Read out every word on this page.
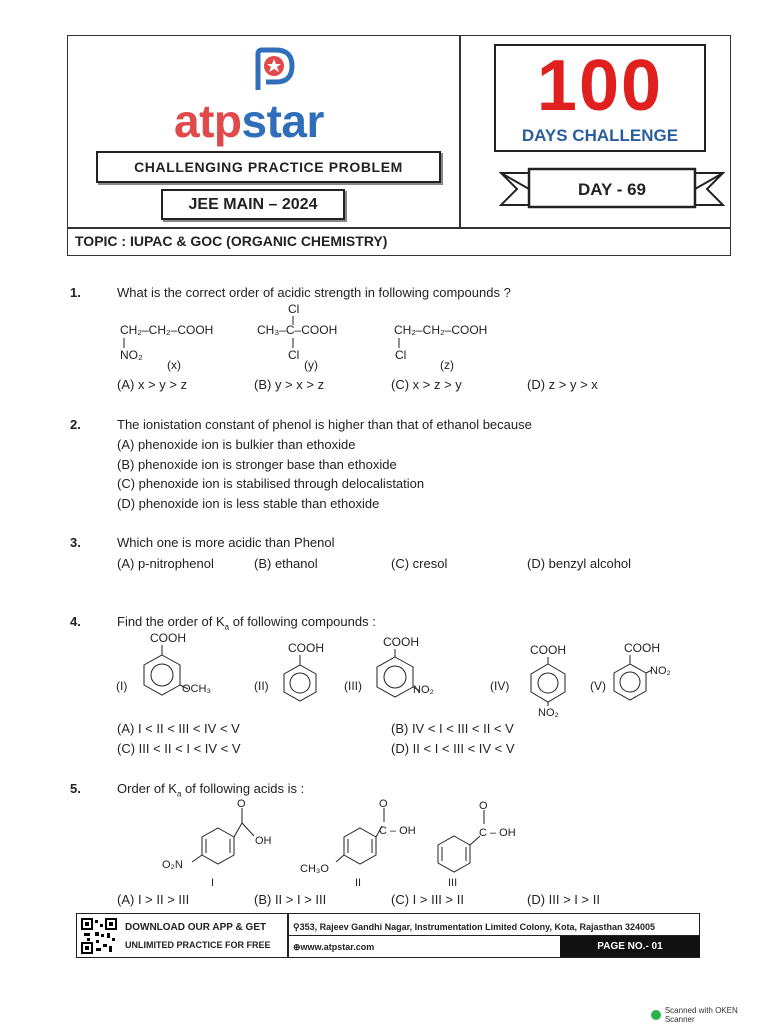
atpstar
CHALLENGING PRACTICE PROBLEM
JEE MAIN – 2024
100
DAYS CHALLENGE
TOPIC : IUPAC & GOC (ORGANIC CHEMISTRY)
DAY - 69
1.	What is the correct order of acidic strength in following compounds ?
CH₂–CH₂–COOH
NO₂
(x)
Cl
CH₃–C–COOH
Cl
(y)
CH₂–CH₂–COOH
Cl
(z)
(A) x > y > z	(B) y > x > z	(C) x > z > y	(D) z > y > x
2.	The ionistation constant of phenol is higher than that of ethanol because
(A) phenoxide ion is bulkier than ethoxide
(B) phenoxide ion is stronger base than ethoxide
(C) phenoxide ion is stabilised through delocalistation
(D) phenoxide ion is less stable than ethoxide
3.	Which one is more acidic than Phenol
(A) p-nitrophenol	(B) ethanol	(C) cresol	(D) benzyl alcohol
4.	Find the order of $K_a$ of following compounds :
(I)
COOH
OCH₃	(II)
COOH
(III)
COOH
NO₂	(IV)
COOH
NO₂
(V)
COOH
NO₂
(A) I < II < III < IV < V	(B) IV < I < III < II < V
(C) III < II < I < IV < V	(D) II < I < III < IV < V
5.	Order of $K_a$ of following acids is :
O
OH
O₂N
I
O
C – OH
CH₃O
II
O
C – OH
III
(A) I > II > III	(B) II > I > III	(C) I > III > II	(D) III > I > II
DOWNLOAD OUR APP & GET
UNLIMITED PRACTICE FOR FREE
⚲353, Rajeev Gandhi Nagar, Instrumentation Limited Colony, Kota, Rajasthan 324005
⊕www.atpstar.com	PAGE NO.- 01
Scanned with OKEN Scanner
